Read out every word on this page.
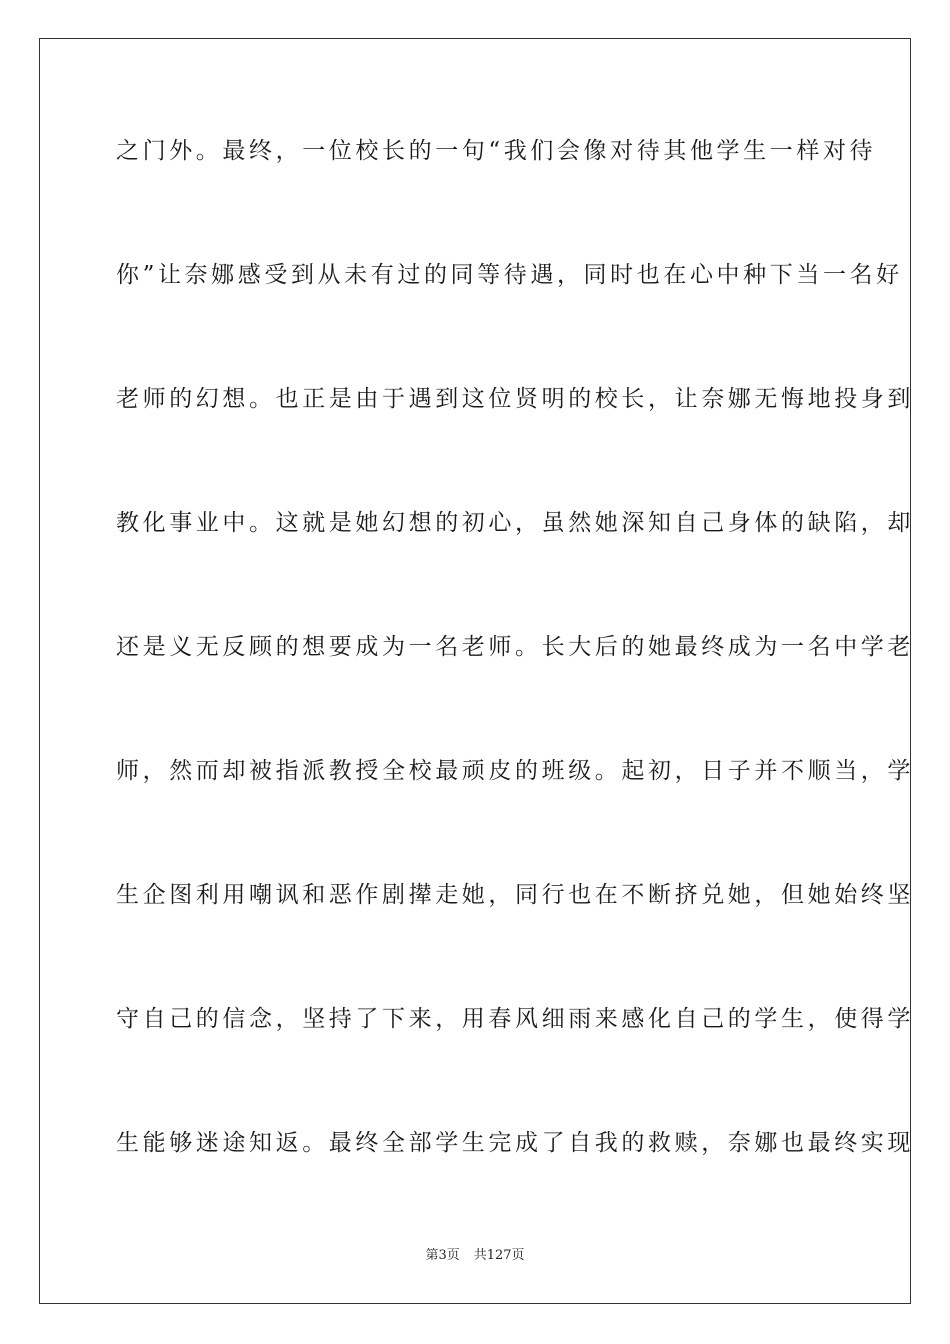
之门外。最终，一位校长的一句“我们会像对待其他学生一样对待
你”让奈娜感受到从未有过的同等待遇，同时也在心中种下当一名好
老师的幻想。也正是由于遇到这位贤明的校长，让奈娜无悔地投身到
教化事业中。这就是她幻想的初心，虽然她深知自己身体的缺陷，却
还是义无反顾的想要成为一名老师。长大后的她最终成为一名中学老
师，然而却被指派教授全校最顽皮的班级。起初，日子并不顺当，学
生企图利用嘲讽和恶作剧撵走她，同行也在不断挤兑她，但她始终坚
守自己的信念，坚持了下来，用春风细雨来感化自己的学生，使得学
生能够迷途知返。最终全部学生完成了自我的救赎，奈娜也最终实现
第3页 共127页
